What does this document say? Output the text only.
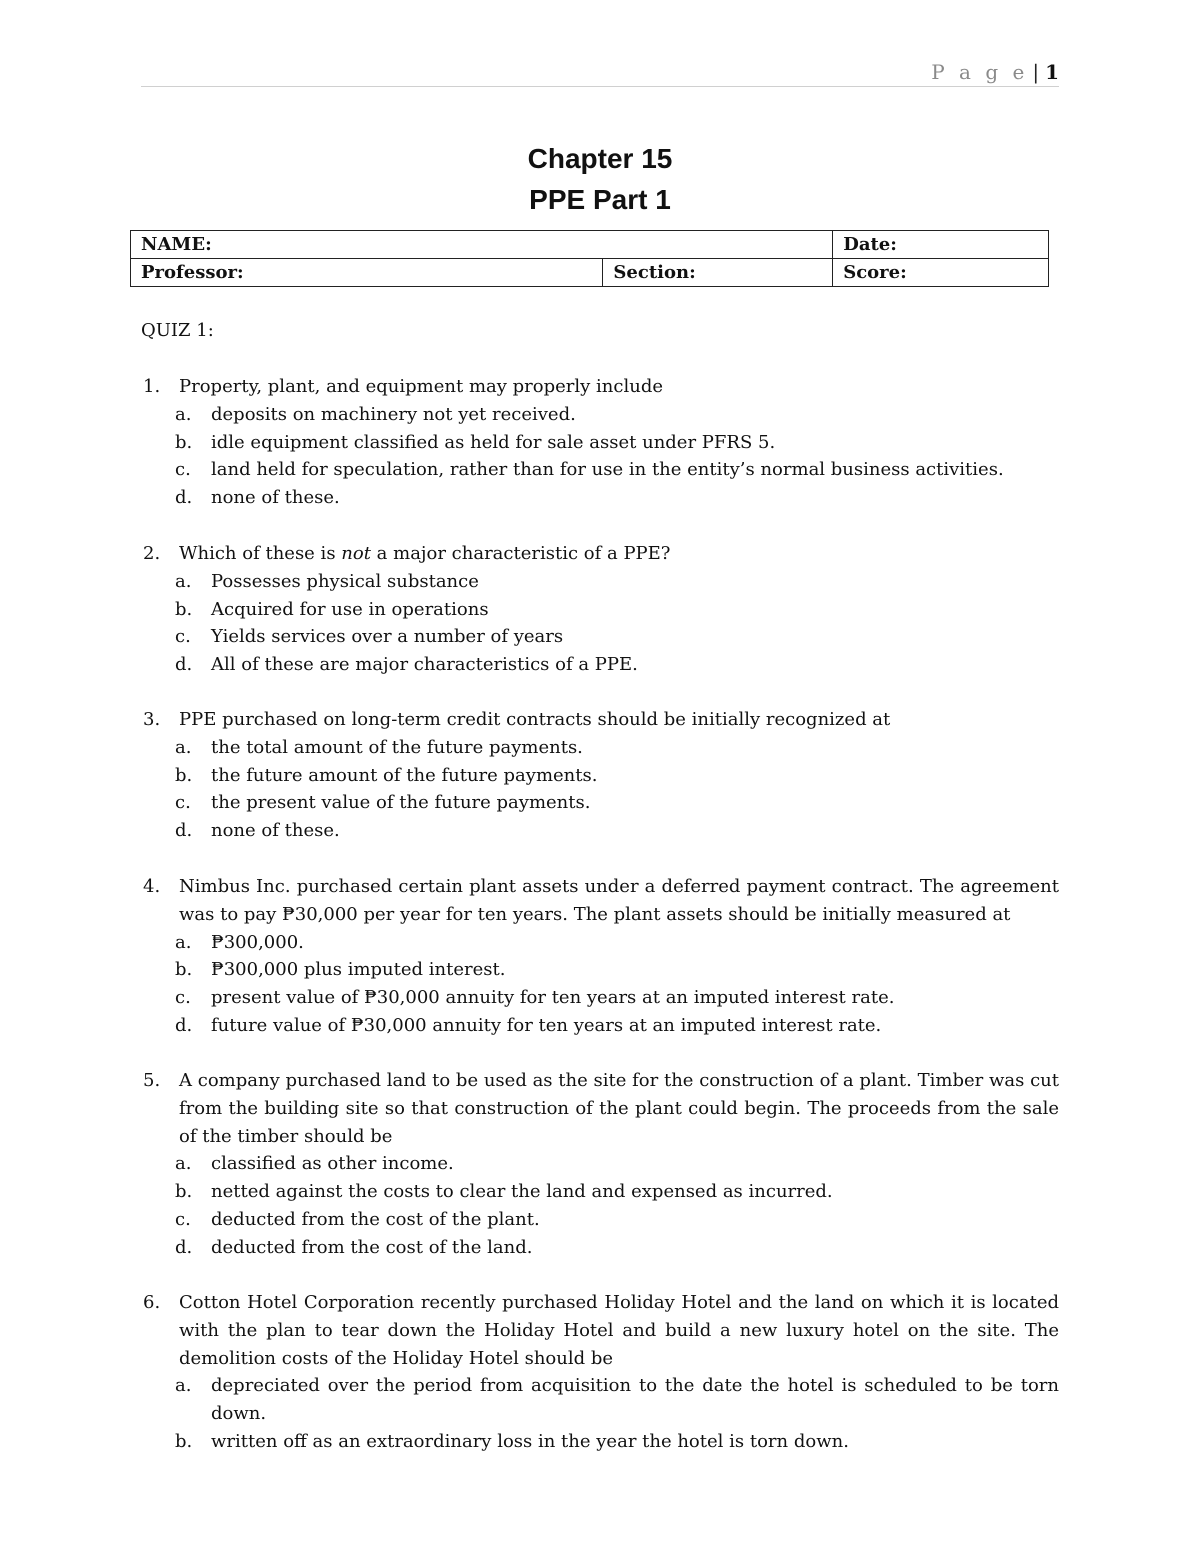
P a g e | 1
Chapter 15
PPE Part 1
NAME:		Date:
Professor:	Section:	Score:
QUIZ 1:
1. Property, plant, and equipment may properly include
a. deposits on machinery not yet received.
b. idle equipment classified as held for sale asset under PFRS 5.
c. land held for speculation, rather than for use in the entity’s normal business activities.
d. none of these.
2. Which of these is not a major characteristic of a PPE?
a. Possesses physical substance
b. Acquired for use in operations
c. Yields services over a number of years
d. All of these are major characteristics of a PPE.
3. PPE purchased on long-term credit contracts should be initially recognized at
a. the total amount of the future payments.
b. the future amount of the future payments.
c. the present value of the future payments.
d. none of these.
4. Nimbus Inc. purchased certain plant assets under a deferred payment contract. The agreement was to pay ₱30,000 per year for ten years. The plant assets should be initially measured at
a. ₱300,000.
b. ₱300,000 plus imputed interest.
c. present value of ₱30,000 annuity for ten years at an imputed interest rate.
d. future value of ₱30,000 annuity for ten years at an imputed interest rate.
5. A company purchased land to be used as the site for the construction of a plant. Timber was cut from the building site so that construction of the plant could begin. The proceeds from the sale of the timber should be
a. classified as other income.
b. netted against the costs to clear the land and expensed as incurred.
c. deducted from the cost of the plant.
d. deducted from the cost of the land.
6. Cotton Hotel Corporation recently purchased Holiday Hotel and the land on which it is located with the plan to tear down the Holiday Hotel and build a new luxury hotel on the site. The demolition costs of the Holiday Hotel should be
a. depreciated over the period from acquisition to the date the hotel is scheduled to be torn down.
b. written off as an extraordinary loss in the year the hotel is torn down.
